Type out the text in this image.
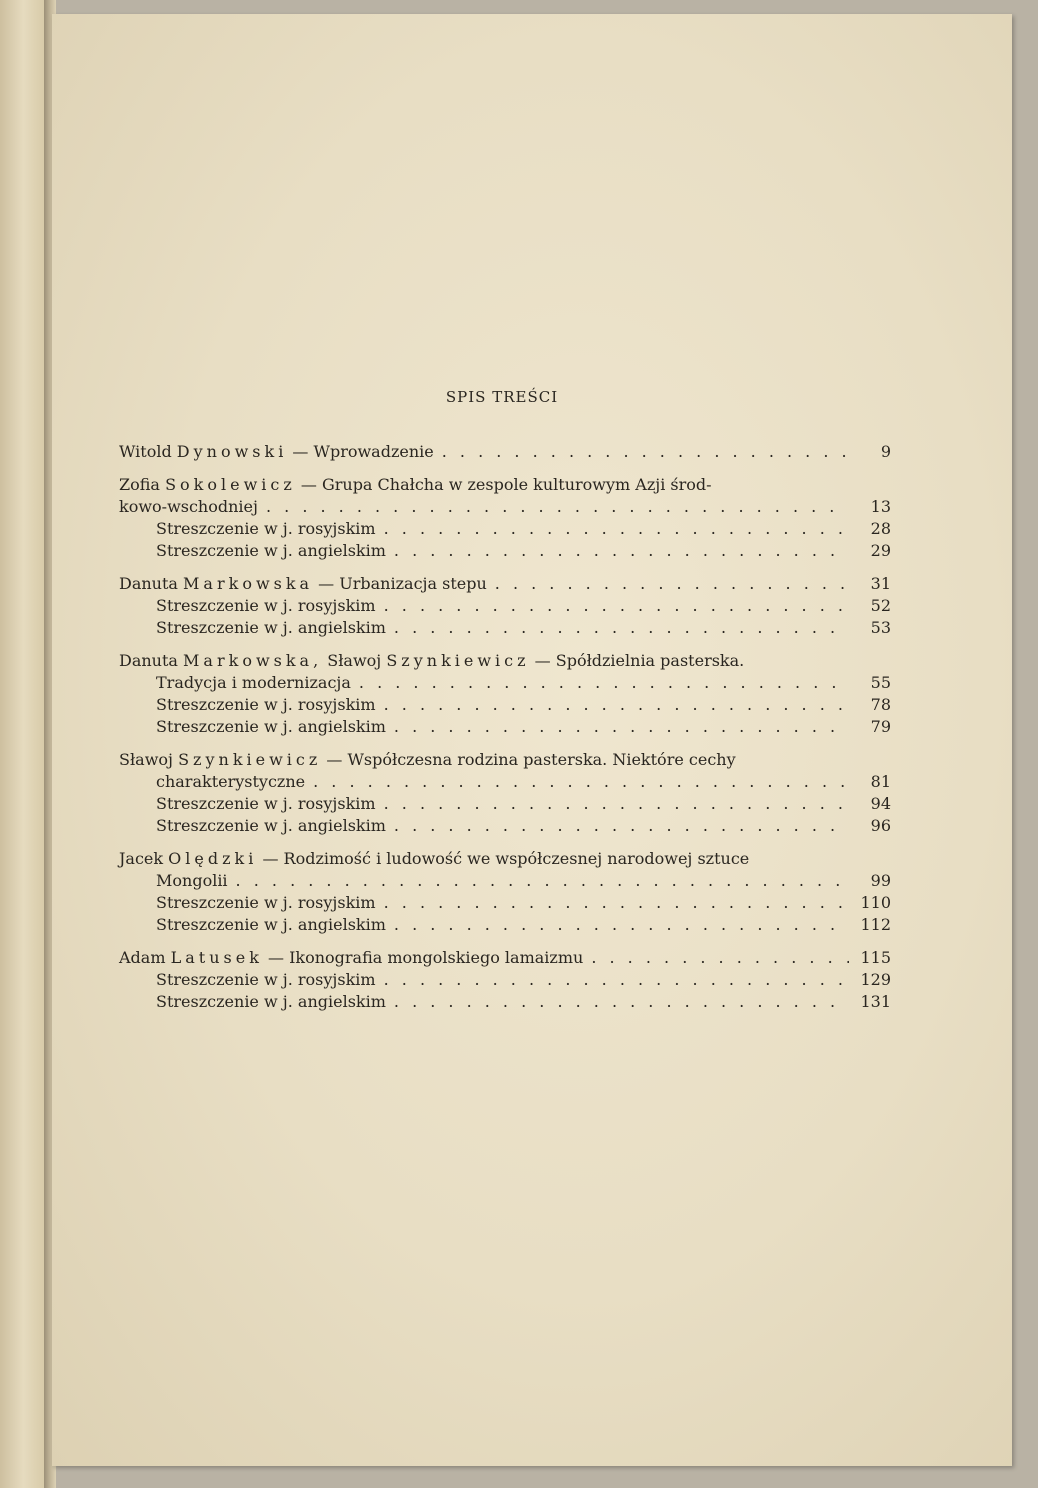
SPIS TREŚCI
Witold Dynowski — Wprowadzenie . . .	9
Zofia Sokolewicz — Grupa Chałcha w zespole kulturowym Azji środ-
kowo-wschodniej . . .	13
Streszczenie w j. rosyjskim . . .	28
Streszczenie w j. angielskim . . .	29
Danuta Markowska — Urbanizacja stepu . . .	31
Streszczenie w j. rosyjskim . . .	52
Streszczenie w j. angielskim . . .	53
Danuta Markowska, Sławoj Szynkiewicz — Spółdzielnia pasterska.
Tradycja i modernizacja . . .	55
Streszczenie w j. rosyjskim . . .	78
Streszczenie w j. angielskim . . .	79
Sławoj Szynkiewicz — Współczesna rodzina pasterska. Niektóre cechy
charakterystyczne . . .	81
Streszczenie w j. rosyjskim . . .	94
Streszczenie w j. angielskim . . .	96
Jacek Olędzki — Rodzimość i ludowość we współczesnej narodowej sztuce
Mongolii . . .	99
Streszczenie w j. rosyjskim . . .	110
Streszczenie w j. angielskim . . .	112
Adam Latusek — Ikonografia mongolskiego lamaizmu . . .	115
Streszczenie w j. rosyjskim . . .	129
Streszczenie w j. angielskim . . .	131
